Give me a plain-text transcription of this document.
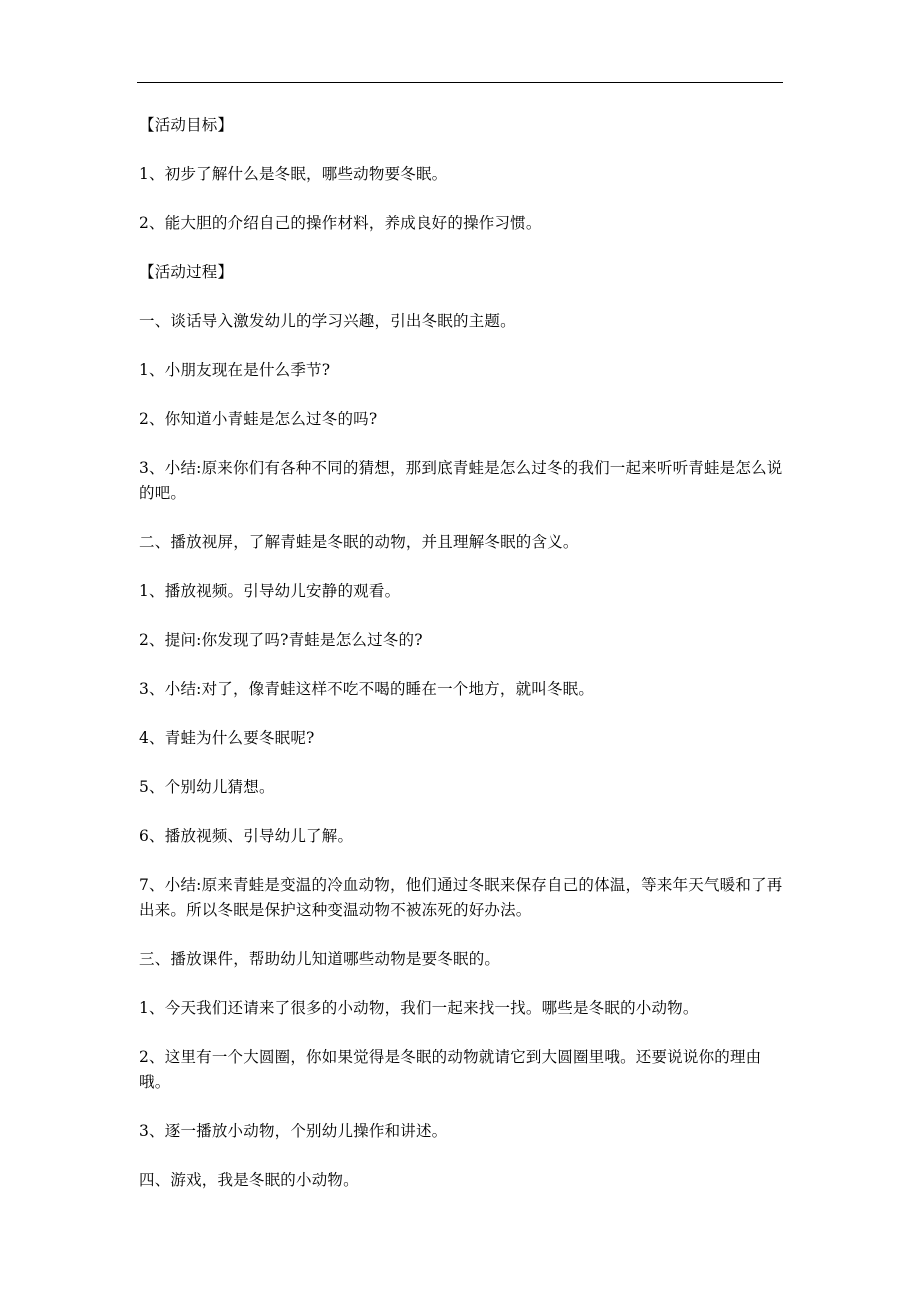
【活动目标】

1、初步了解什么是冬眠，哪些动物要冬眠。

2、能大胆的介绍自己的操作材料，养成良好的操作习惯。

【活动过程】

一、谈话导入激发幼儿的学习兴趣，引出冬眠的主题。

1、小朋友现在是什么季节?

2、你知道小青蛙是怎么过冬的吗?

3、小结:原来你们有各种不同的猜想，那到底青蛙是怎么过冬的我们一起来听听青蛙是怎么说的吧。

二、播放视屏，了解青蛙是冬眠的动物，并且理解冬眠的含义。

1、播放视频。引导幼儿安静的观看。

2、提问:你发现了吗?青蛙是怎么过冬的?

3、小结:对了，像青蛙这样不吃不喝的睡在一个地方，就叫冬眠。

4、青蛙为什么要冬眠呢?

5、个别幼儿猜想。

6、播放视频、引导幼儿了解。

7、小结:原来青蛙是变温的冷血动物，他们通过冬眠来保存自己的体温，等来年天气暖和了再出来。所以冬眠是保护这种变温动物不被冻死的好办法。

三、播放课件，帮助幼儿知道哪些动物是要冬眠的。

1、今天我们还请来了很多的小动物，我们一起来找一找。哪些是冬眠的小动物。

2、这里有一个大圆圈，你如果觉得是冬眠的动物就请它到大圆圈里哦。还要说说你的理由哦。

3、逐一播放小动物，个别幼儿操作和讲述。

四、游戏，我是冬眠的小动物。
